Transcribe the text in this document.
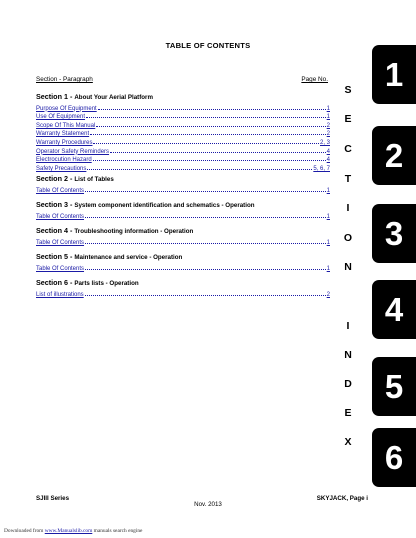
TABLE OF CONTENTS
Section - Paragraph	Page No.
Section 1 - About Your Aerial Platform
Purpose Of Equipment	1
Use Of Equipment	1
Scope Of This Manual	2
Warranty Statement	2
Warranty Procedures	2, 3
Operator Safety Reminders	4
Electrocution Hazard	4
Safety Precautions	5, 6, 7
Section 2 - List of Tables
Table Of Contents	1
Section 3 - System component identification and schematics - Operation
Table Of Contents	1
Section 4 - Troubleshooting information - Operation
Table Of Contents	1
Section 5 - Maintenance and service - Operation
Table Of Contents	1
Section 6 - Parts lists - Operation
List of illustrations	2
S
E
C
T
I
O
N
I
N
D
E
X
1
2
3
4
5
6
SJIII Series
Nov. 2013
SKYJACK, Page i
Downloaded from www.Manualslib.com manuals search engine
